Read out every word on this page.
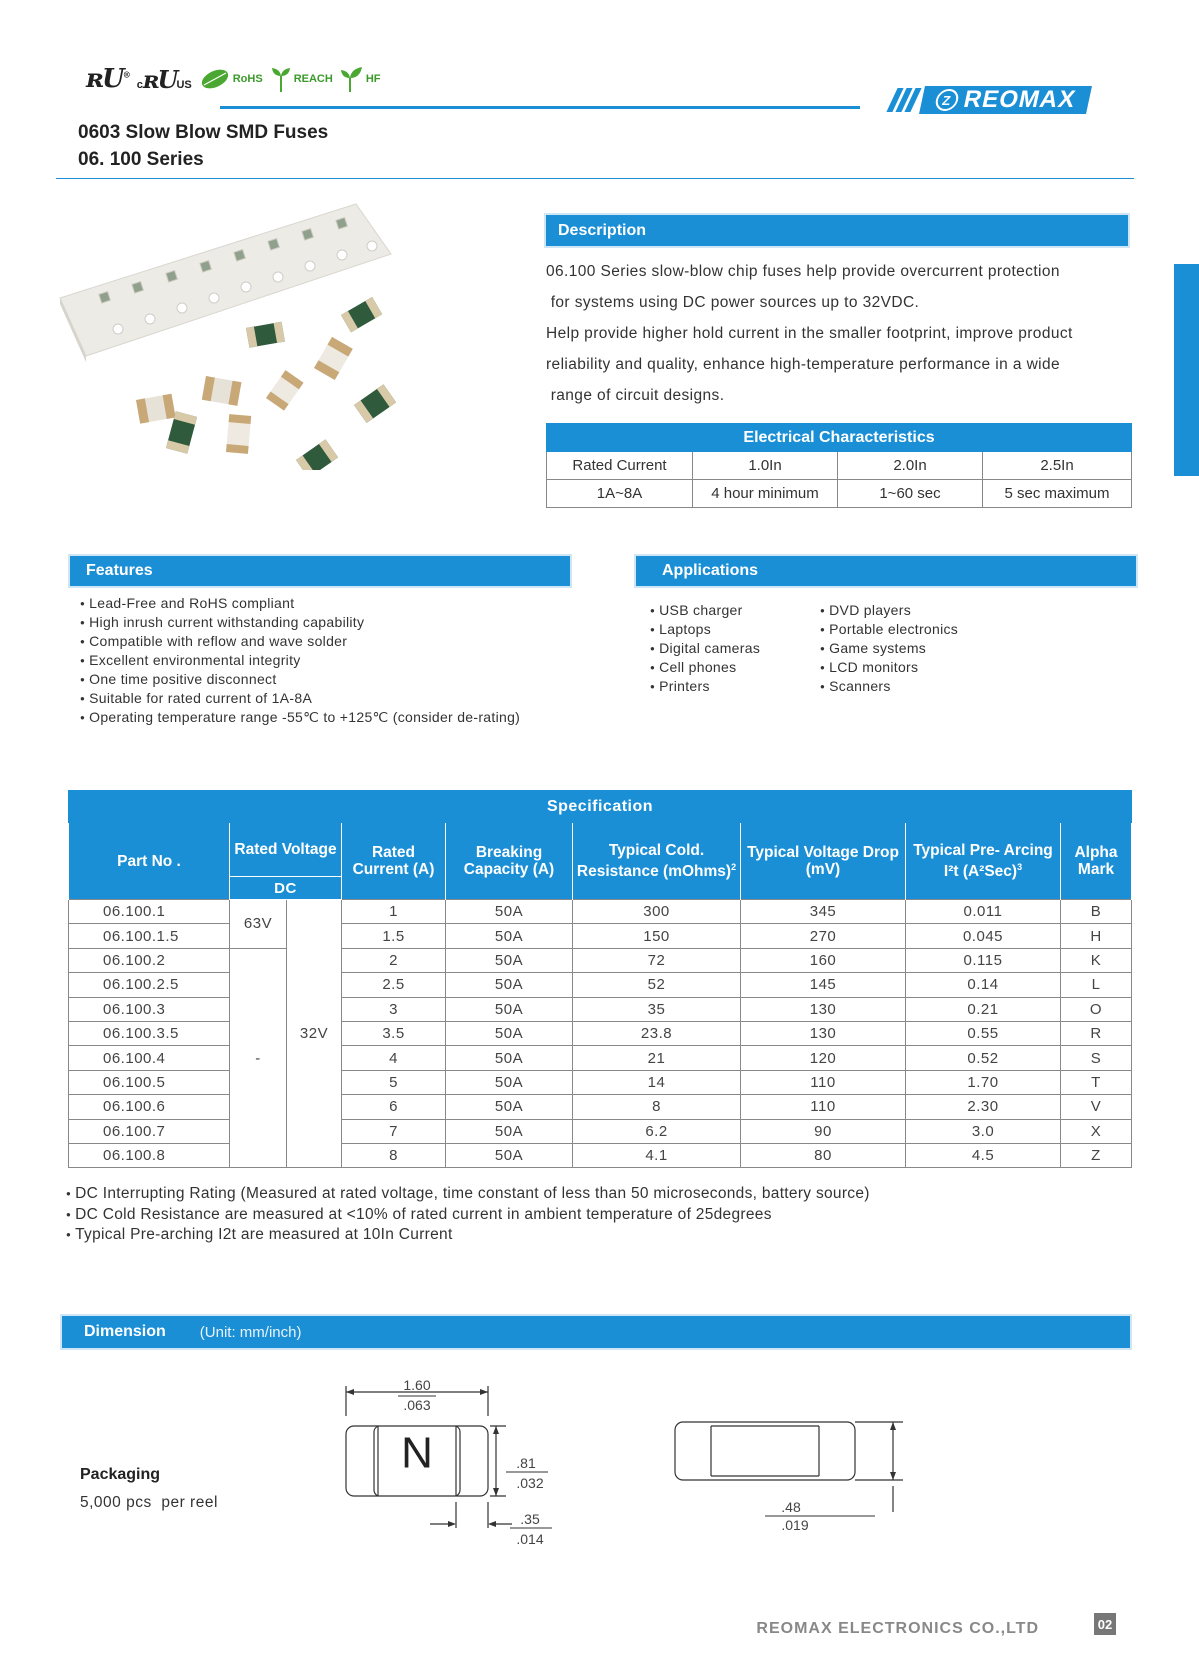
ʀU®
cʀUUS	RoHS	REACH	HF
Z REOMAX
0603 Slow Blow SMD Fuses
06. 100 Series
Description
06.100 Series slow-blow chip fuses help provide overcurrent protection
for systems using DC power sources up to 32VDC.
Help provide higher hold current in the smaller footprint, improve product
reliability and quality, enhance high-temperature performance in a wide
range of circuit designs.
Electrical Characteristics			
Rated Current	1.0In	2.0In	2.5In
1A~8A	4 hour minimum	1~60 sec	5 sec maximum
Features
● Lead-Free and RoHS compliant
● High inrush current withstanding capability
● Compatible with reflow and wave solder
● Excellent environmental integrity
● One time positive disconnect
● Suitable for rated current of 1A-8A
● Operating temperature range -55℃ to +125℃ (consider de-rating)
Applications
● USB charger
● Laptops
● Digital cameras
● Cell phones
● Printers
● DVD players
● Portable electronics
● Game systems
● LCD monitors
● Scanners
Specification								
Part No .	Rated Voltage		Rated Current (A)	Breaking Capacity (A)	Typical Cold. Resistance (mOhms)$^2$	Typical Voltage Drop (mV)	Typical Pre- Arcing I²t $(A^2Sec)^3$	Alpha Mark
	DC							
06.100.1	63V	32V	1	50A	300	345	0.011	B
06.100.1.5			1.5	50A	150	270	0.045	H
06.100.2	-		2	50A	72	160	0.115	K
06.100.2.5			2.5	50A	52	145	0.14	L
06.100.3			3	50A	35	130	0.21	O
06.100.3.5			3.5	50A	23.8	130	0.55	R
06.100.4			4	50A	21	120	0.52	S
06.100.5			5	50A	14	110	1.70	T
06.100.6			6	50A	8	110	2.30	V
06.100.7			7	50A	6.2	90	3.0	X
06.100.8			8	50A	4.1	80	4.5	Z
● DC Interrupting Rating (Measured at rated voltage, time constant of less than 50 microseconds, battery source)
● DC Cold Resistance are measured at <10% of rated current in ambient temperature of 25degrees
● Typical Pre-arching I2t are measured at 10In Current
Dimension (Unit: mm/inch)
Packaging
5,000 pcs  per reel
N
1.60
.063
.81
.032
.35
.014
.48
.019
REOMAX ELECTRONICS CO.,LTD	02
